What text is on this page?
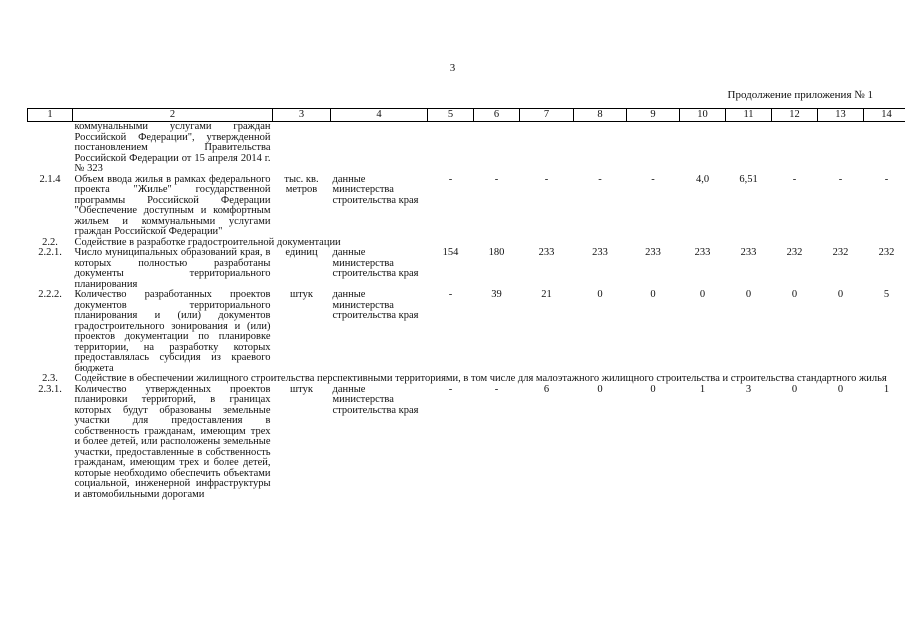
3
Продолжение приложения № 1
1	2	3	4	5	6	7	8	9	10	11	12	13	14
	коммунальными услугами граждан Российской Федерации", утвержденной постановлением Правительства Российской Федерации от 15 апреля 2014 г. № 323												
2.1.4	Объем ввода жилья в рамках федерального проекта "Жилье" государственной программы Российской Федерации "Обеспечение доступным и комфортным жильем и коммунальными услугами граждан Российской Федерации"	тыс. кв. метров	данные министерства строительства края	-	-	-	-	-	4,0	6,51	-	-	-
2.2.	Содействие в разработке градостроительной документации												
2.2.1.	Число муниципальных образований края, в которых полностью разработаны документы территориального планирования	единиц	данные министерства строительства края	154	180	233	233	233	233	233	232	232	232
2.2.2.	Количество разработанных проектов документов территориального планирования и (или) документов градостроительного зонирования и (или) проектов документации по планировке территории, на разработку которых предоставлялась субсидия из краевого бюджета	штук	данные министерства строительства края	-	39	21	0	0	0	0	0	0	5
2.3.	Содействие в обеспечении жилищного строительства перспективными территориями, в том числе для малоэтажного жилищного строительства и строительства стандартного жилья												
2.3.1.	Количество утвержденных проектов планировки территорий, в границах которых будут образованы земельные участки для предоставления в собственность гражданам, имеющим трех и более детей, или расположены земельные участки, предоставленные в собственность гражданам, имеющим трех и более детей, которые необходимо обеспечить объектами социальной, инженерной инфраструктуры и автомобильными дорогами	штук	данные министерства строительства края	-	-	6	0	0	1	3	0	0	1
